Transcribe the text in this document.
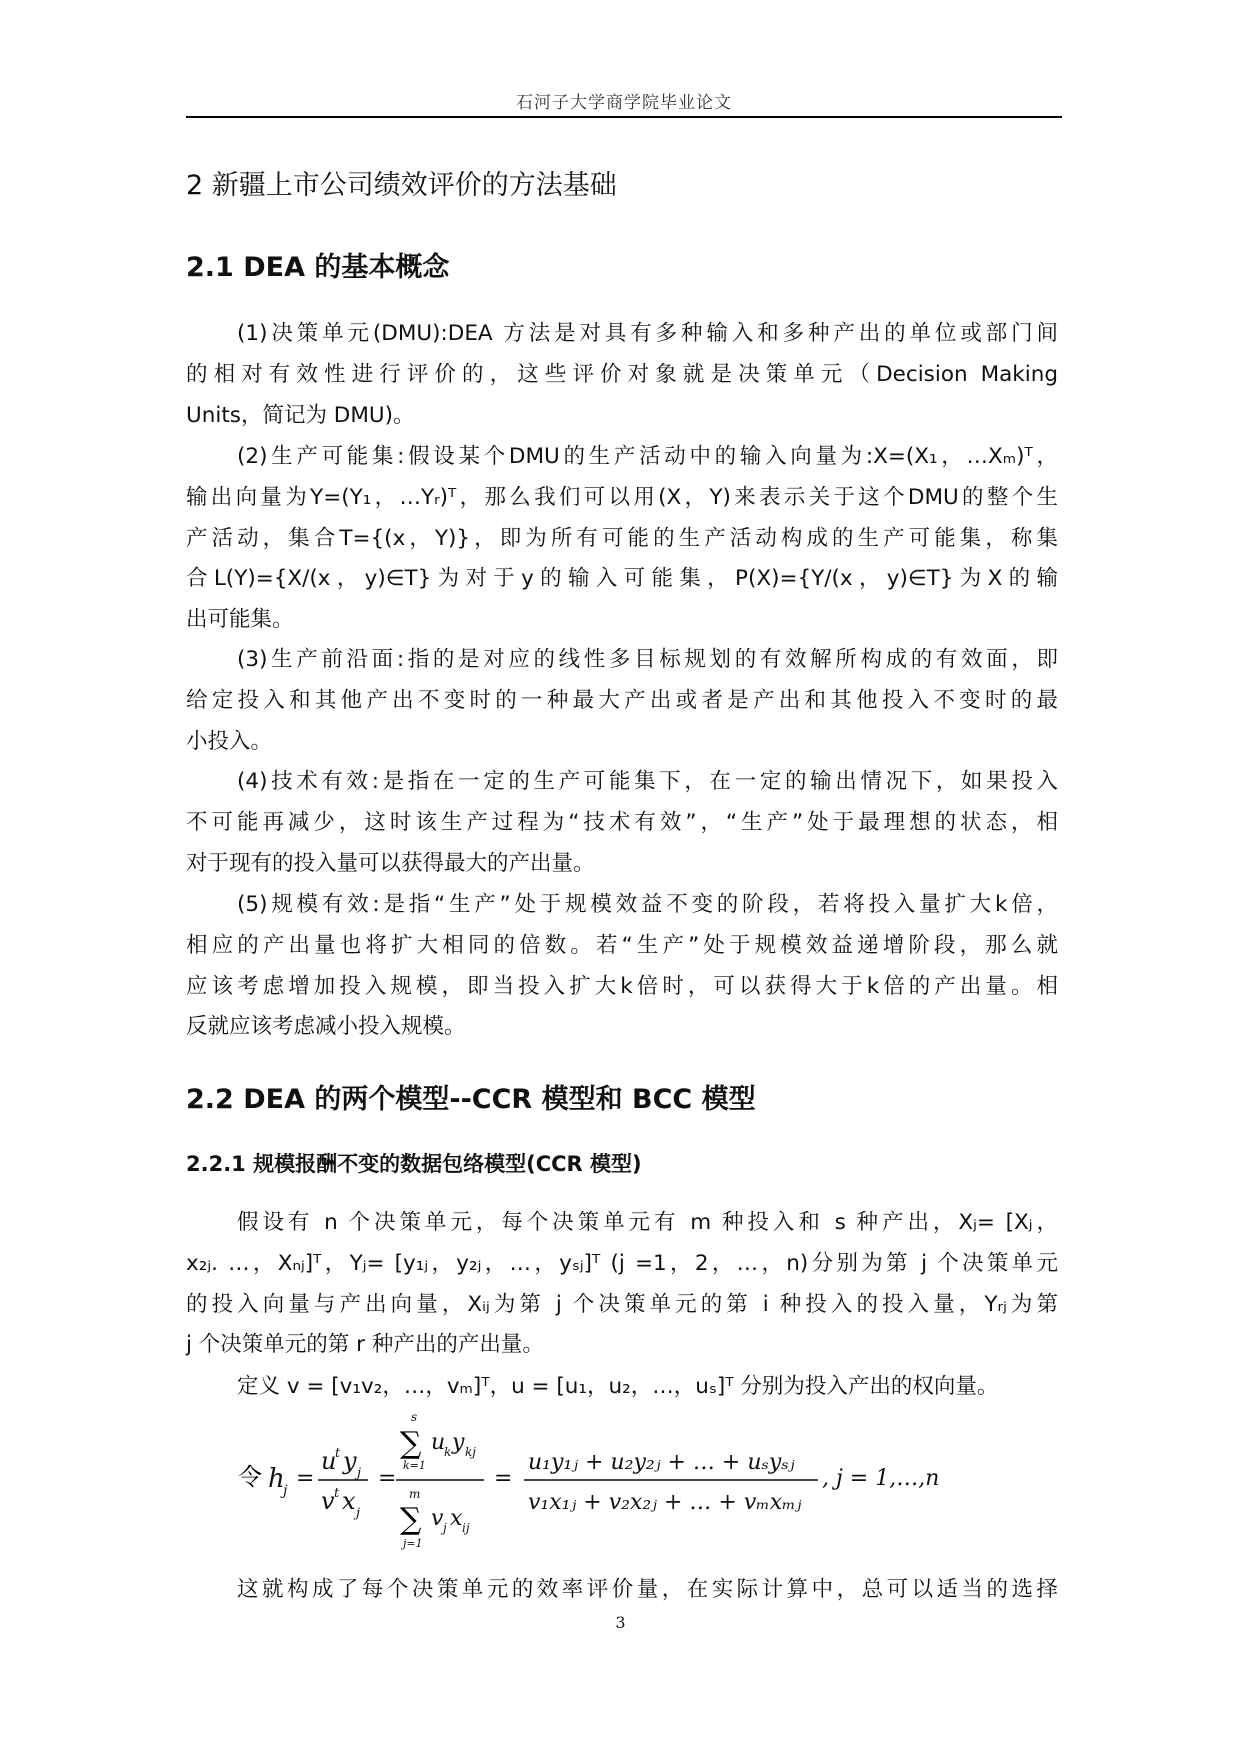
石河子大学商学院毕业论文
2 新疆上市公司绩效评价的方法基础
2.1 DEA 的基本概念
(1)决策单元(DMU):DEA 方法是对具有多种输入和多种产出的单位或部门间
的相对有效性进行评价的，这些评价对象就是决策单元（Decision Making
Units，简记为 DMU)。
(2)生产可能集:假设某个DMU的生产活动中的输入向量为:X=(X₁，…Xₘ)ᵀ，
输出向量为Y=(Y₁，…Yᵣ)ᵀ，那么我们可以用(X，Y)来表示关于这个DMU的整个生
产活动，集合T={(x，Y)}，即为所有可能的生产活动构成的生产可能集，称集
合L(Y)={X/(x，y)∈T}为对于y的输入可能集，P(X)={Y/(x，y)∈T}为X的输
出可能集。
(3)生产前沿面:指的是对应的线性多目标规划的有效解所构成的有效面，即
给定投入和其他产出不变时的一种最大产出或者是产出和其他投入不变时的最
小投入。
(4)技术有效:是指在一定的生产可能集下，在一定的输出情况下，如果投入
不可能再减少，这时该生产过程为“技术有效”，“生产”处于最理想的状态，相
对于现有的投入量可以获得最大的产出量。
(5)规模有效:是指“生产”处于规模效益不变的阶段，若将投入量扩大k倍，
相应的产出量也将扩大相同的倍数。若“生产”处于规模效益递增阶段，那么就
应该考虑增加投入规模，即当投入扩大k倍时，可以获得大于k倍的产出量。相
反就应该考虑减小投入规模。
2.2 DEA 的两个模型--CCR 模型和 BCC 模型
2.2.1 规模报酬不变的数据包络模型(CCR 模型)
假设有 n 个决策单元，每个决策单元有 m 种投入和 s 种产出，Xⱼ= [Xⱼ，
x₂ⱼ. …，Xₙⱼ]ᵀ，Yⱼ= [y₁ⱼ，y₂ⱼ，…，yₛⱼ]ᵀ (j =1，2，…，n)分别为第 j 个决策单元
的投入向量与产出向量，Xᵢⱼ为第 j 个决策单元的第 i 种投入的投入量，Yᵣⱼ为第
j 个决策单元的第 r 种产出的产出量。
定义 v = [v₁v₂，…，vₘ]ᵀ，u = [u₁，u₂，…，uₛ]ᵀ 分别为投入产出的权向量。
令 h
j =
u
t y j
v t x j
=
s
∑
k=1
u
k y kj
m
∑
j=1
v j x ij
=
u₁y₁ⱼ + u₂y₂ⱼ + … + uₛyₛⱼ
v₁x₁ⱼ + v₂x₂ⱼ + … + vₘxₘⱼ
, j = 1,…,n
这就构成了每个决策单元的效率评价量，在实际计算中，总可以适当的选择
3
